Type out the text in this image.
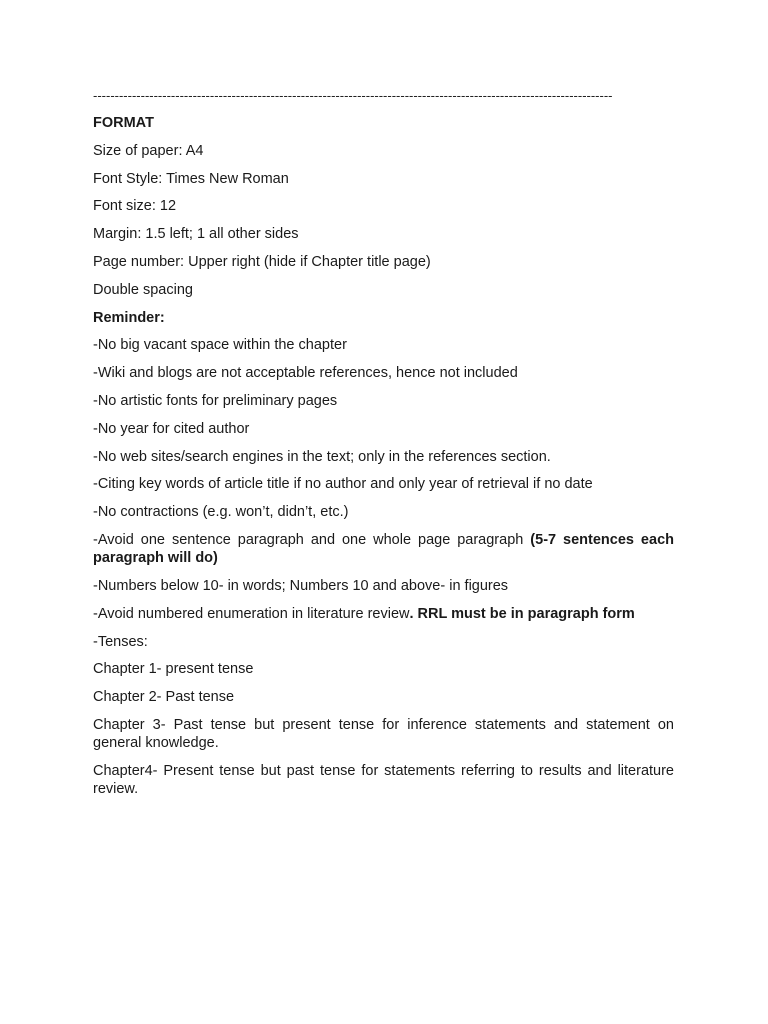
------------------------------------------------------------------------------------------------------------------------
FORMAT
Size of paper: A4
Font Style: Times New Roman
Font size: 12
Margin: 1.5 left; 1 all other sides
Page number: Upper right (hide if Chapter title page)
Double spacing
Reminder:
-No big vacant space within the chapter
-Wiki and blogs are not acceptable references, hence not included
-No artistic fonts for preliminary pages
-No year for cited author
-No web sites/search engines in the text; only in the references section.
-Citing key words of article title if no author and only year of retrieval if no date
-No contractions (e.g. won’t, didn’t, etc.)
-Avoid one sentence paragraph and one whole page paragraph (5-7 sentences each paragraph will do)
-Numbers below 10- in words; Numbers 10 and above- in figures
-Avoid numbered enumeration in literature review. RRL must be in paragraph form
-Tenses:
Chapter 1- present tense
Chapter 2- Past tense
Chapter 3- Past tense but present tense for inference statements and statement on general knowledge.
Chapter4- Present tense but past tense for statements referring to results and literature review.
